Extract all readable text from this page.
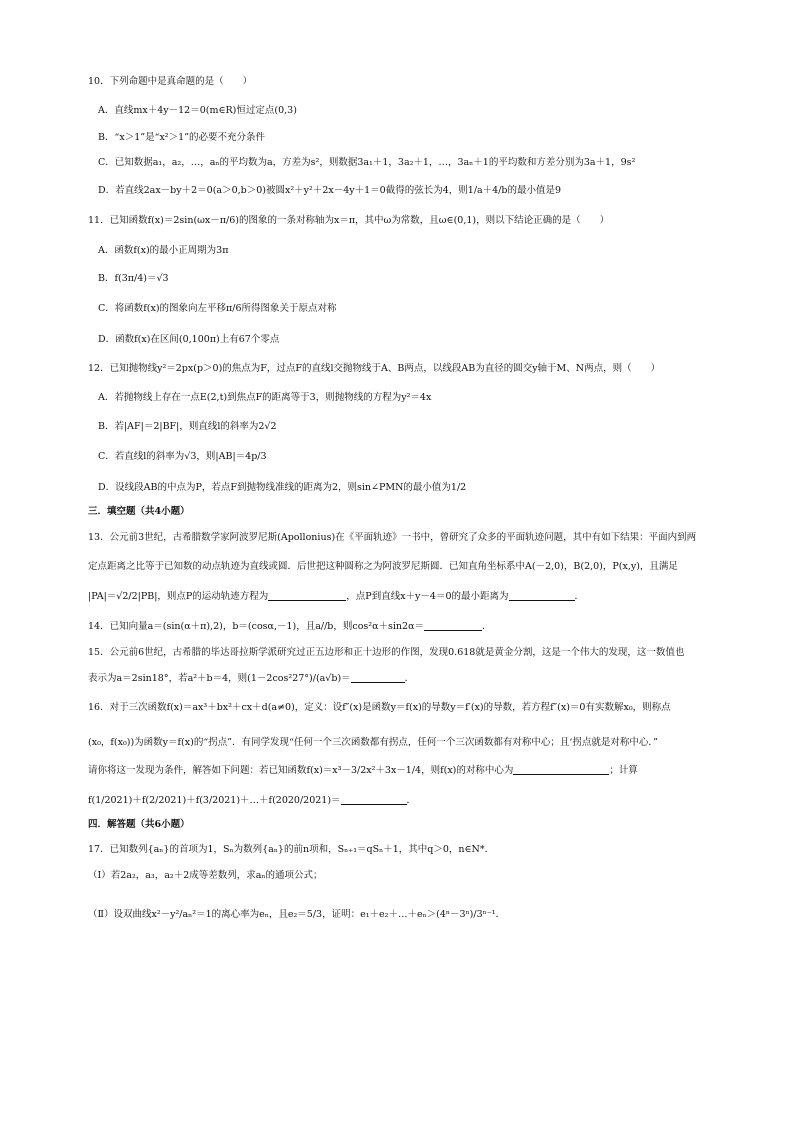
10．下列命题中是真命题的是（　　）
A．直线mx＋4y－12＝0(m∈R)恒过定点(0,3)
B．“x＞1”是“x²＞1”的必要不充分条件
C．已知数据a₁，a₂，…，aₙ的平均数为a，方差为s²，则数据3a₁＋1，3a₂＋1，…，3aₙ＋1的平均数和方差分别为3a＋1，9s²
D．若直线2ax－by＋2＝0(a＞0,b＞0)被圆x²＋y²＋2x－4y＋1＝0截得的弦长为4，则1/a＋4/b的最小值是9
11．已知函数f(x)＝2sin(ωx－π/6)的图象的一条对称轴为x＝π，其中ω为常数，且ω∈(0,1)，则以下结论正确的是（　　）
A．函数f(x)的最小正周期为3π
B．f(3π/4)＝√3
C．将函数f(x)的图象向左平移π/6所得图象关于原点对称
D．函数f(x)在区间(0,100π)上有67个零点
12．已知抛物线y²＝2px(p＞0)的焦点为F，过点F的直线l交抛物线于A、B两点，以线段AB为直径的圆交y轴于M、N两点，则（　　）
A．若抛物线上存在一点E(2,t)到焦点F的距离等于3，则抛物线的方程为y²＝4x
B．若|AF|＝2|BF|，则直线l的斜率为2√2
C．若直线l的斜率为√3，则|AB|＝4p/3
D．设线段AB的中点为P，若点F到抛物线准线的距离为2，则sin∠PMN的最小值为1/2
三．填空题（共4小题）
13．公元前3世纪，古希腊数学家阿波罗尼斯(Apollonius)在《平面轨迹》一书中，曾研究了众多的平面轨迹问题，其中有如下结果：平面内到两
定点距离之比等于已知数的动点轨迹为直线或圆．后世把这种圆称之为阿波罗尼斯圆．已知直角坐标系中A(－2,0)，B(2,0)，P(x,y)，且满足
|PA|＝√2/2|PB|，则点P的运动轨迹方程为	，点P到直线x＋y－4＝0的最小距离为	．
14．已知向量a＝(sin(α＋π),2)，b＝(cosα,－1)，且a//b，则cos²α＋sin2α＝	．
15．公元前6世纪，古希腊的毕达哥拉斯学派研究过正五边形和正十边形的作图，发现0.618就是黄金分割，这是一个伟大的发现，这一数值也
表示为a＝2sin18°，若a²＋b＝4，则(1－2cos²27°)/(a√b)＝	．
16．对于三次函数f(x)＝ax³＋bx²＋cx＋d(a≠0)，定义：设f″(x)是函数y＝f(x)的导数y＝f′(x)的导数，若方程f″(x)＝0有实数解x₀，则称点
(x₀，f(x₀))为函数y＝f(x)的“拐点”．有同学发现“任何一个三次函数都有拐点，任何一个三次函数都有对称中心；且‘拐点就是对称中心．”
请你将这一发现为条件，解答如下问题：若已知函数f(x)＝x³－3/2x²＋3x－1/4，则f(x)的对称中心为	；计算
f(1/2021)＋f(2/2021)＋f(3/2021)＋…＋f(2020/2021)＝	．
四．解答题（共6小题）
17．已知数列{aₙ}的首项为1，Sₙ为数列{aₙ}的前n项和，Sₙ₊₁＝qSₙ＋1，其中q＞0，n∈N*．
（Ⅰ）若2a₂，a₃，a₂＋2成等差数列，求aₙ的通项公式；
（Ⅱ）设双曲线x²－y²/aₙ²＝1的离心率为eₙ，且e₂＝5/3，证明：e₁＋e₂＋…＋eₙ＞(4ⁿ－3ⁿ)/3ⁿ⁻¹．
